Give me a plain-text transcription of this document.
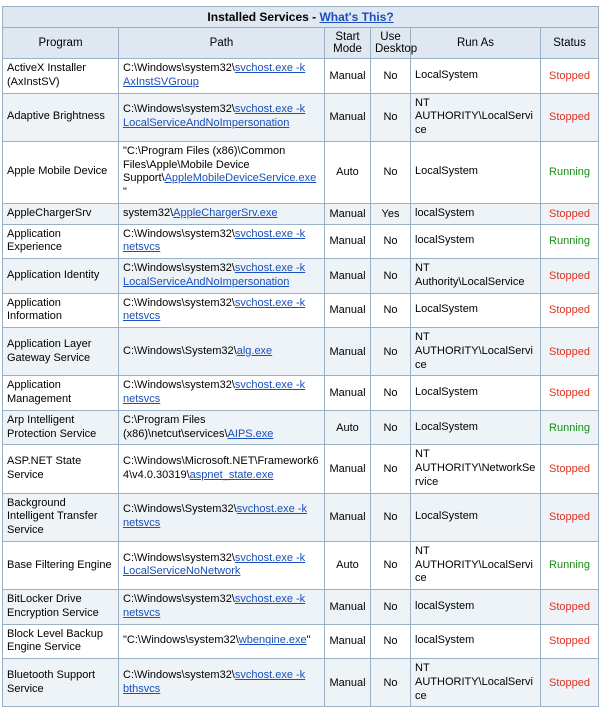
Installed Services - What's This?					
Program	Path	Start Mode	Use Desktop	Run As	Status
ActiveX Installer (AxInstSV)	C:\Windows\system32\svchost.exe -k AxInstSVGroup	Manual	No	LocalSystem	Stopped
Adaptive Brightness	C:\Windows\system32\svchost.exe -k LocalServiceAndNoImpersonation	Manual	No	NT AUTHORITY\LocalService	Stopped
Apple Mobile Device	"C:\Program Files (x86)\Common Files\Apple\Mobile Device Support\AppleMobileDeviceService.exe"	Auto	No	LocalSystem	Running
AppleChargerSrv	system32\AppleChargerSrv.exe	Manual	Yes	localSystem	Stopped
Application Experience	C:\Windows\system32\svchost.exe -k netsvcs	Manual	No	localSystem	Running
Application Identity	C:\Windows\system32\svchost.exe -k LocalServiceAndNoImpersonation	Manual	No	NT Authority\LocalService	Stopped
Application Information	C:\Windows\system32\svchost.exe -k netsvcs	Manual	No	LocalSystem	Stopped
Application Layer Gateway Service	C:\Windows\System32\alg.exe	Manual	No	NT AUTHORITY\LocalService	Stopped
Application Management	C:\Windows\system32\svchost.exe -k netsvcs	Manual	No	LocalSystem	Stopped
Arp Intelligent Protection Service	C:\Program Files (x86)\netcut\services\AIPS.exe	Auto	No	LocalSystem	Running
ASP.NET State Service	C:\Windows\Microsoft.NET\Framework64\v4.0.30319\aspnet_state.exe	Manual	No	NT AUTHORITY\NetworkService	Stopped
Background Intelligent Transfer Service	C:\Windows\System32\svchost.exe -k netsvcs	Manual	No	LocalSystem	Stopped
Base Filtering Engine	C:\Windows\system32\svchost.exe -k LocalServiceNoNetwork	Auto	No	NT AUTHORITY\LocalService	Running
BitLocker Drive Encryption Service	C:\Windows\system32\svchost.exe -k netsvcs	Manual	No	localSystem	Stopped
Block Level Backup Engine Service	"C:\Windows\system32\wbengine.exe"	Manual	No	localSystem	Stopped
Bluetooth Support Service	C:\Windows\system32\svchost.exe -k bthsvcs	Manual	No	NT AUTHORITY\LocalService	Stopped
